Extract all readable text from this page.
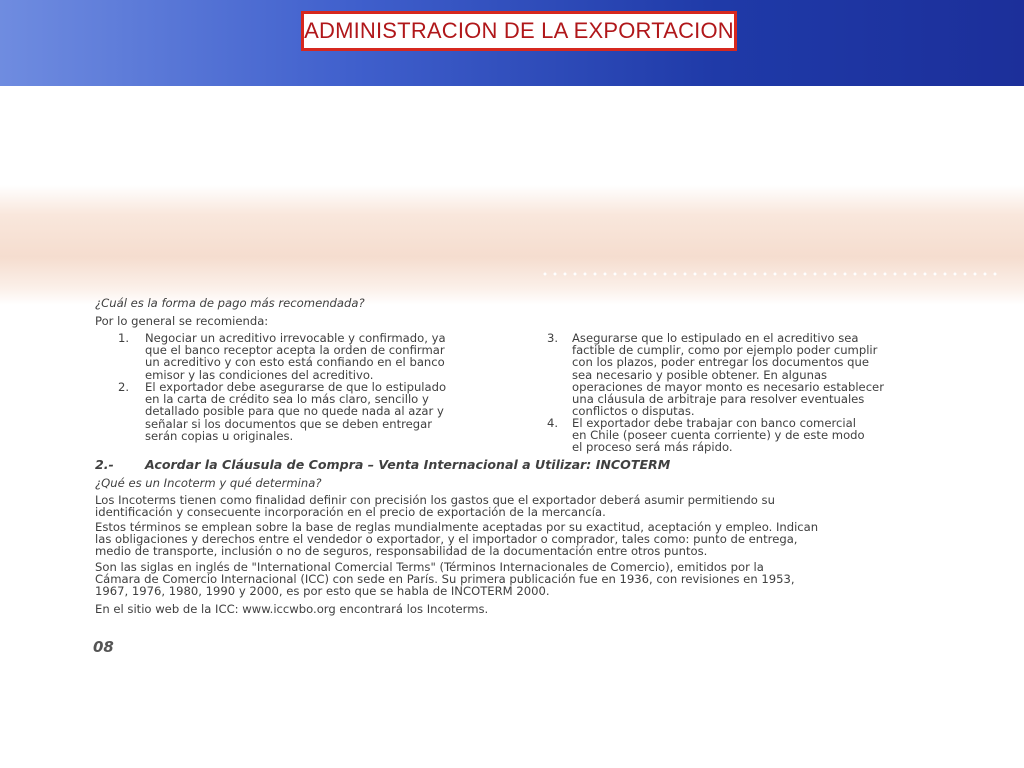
ADMINISTRACION DE LA EXPORTACION
¿Cuál es la forma de pago más recomendada?
Por lo general se recomienda:
1. Negociar un acreditivo irrevocable y confirmado, ya
que el banco receptor acepta la orden de confirmar
un acreditivo y con esto está confiando en el banco
emisor y las condiciones del acreditivo.
2. El exportador debe asegurarse de que lo estipulado
en la carta de crédito sea lo más claro, sencillo y
detallado posible para que no quede nada al azar y
señalar si los documentos que se deben entregar
serán copias u originales.
3. Asegurarse que lo estipulado en el acreditivo sea
factible de cumplir, como por ejemplo poder cumplir
con los plazos, poder entregar los documentos que
sea necesario y posible obtener. En algunas
operaciones de mayor monto es necesario establecer
una cláusula de arbitraje para resolver eventuales
conflictos o disputas.
4. El exportador debe trabajar con banco comercial
en Chile (poseer cuenta corriente) y de este modo
el proceso será más rápido.
2.- Acordar la Cláusula de Compra – Venta Internacional a Utilizar: INCOTERM
¿Qué es un Incoterm y qué determina?
Los Incoterms tienen como finalidad definir con precisión los gastos que el exportador deberá asumir permitiendo su
identificación y consecuente incorporación en el precio de exportación de la mercancía.
Estos términos se emplean sobre la base de reglas mundialmente aceptadas por su exactitud, aceptación y empleo. Indican
las obligaciones y derechos entre el vendedor o exportador, y el importador o comprador, tales como: punto de entrega,
medio de transporte, inclusión o no de seguros, responsabilidad de la documentación entre otros puntos.
Son las siglas en inglés de "International Comercial Terms" (Términos Internacionales de Comercio), emitidos por la
Cámara de Comercio Internacional (ICC) con sede en París. Su primera publicación fue en 1936, con revisiones en 1953,
1967, 1976, 1980, 1990 y 2000, es por esto que se habla de INCOTERM 2000.
En el sitio web de la ICC: www.iccwbo.org encontrará los Incoterms.
08
